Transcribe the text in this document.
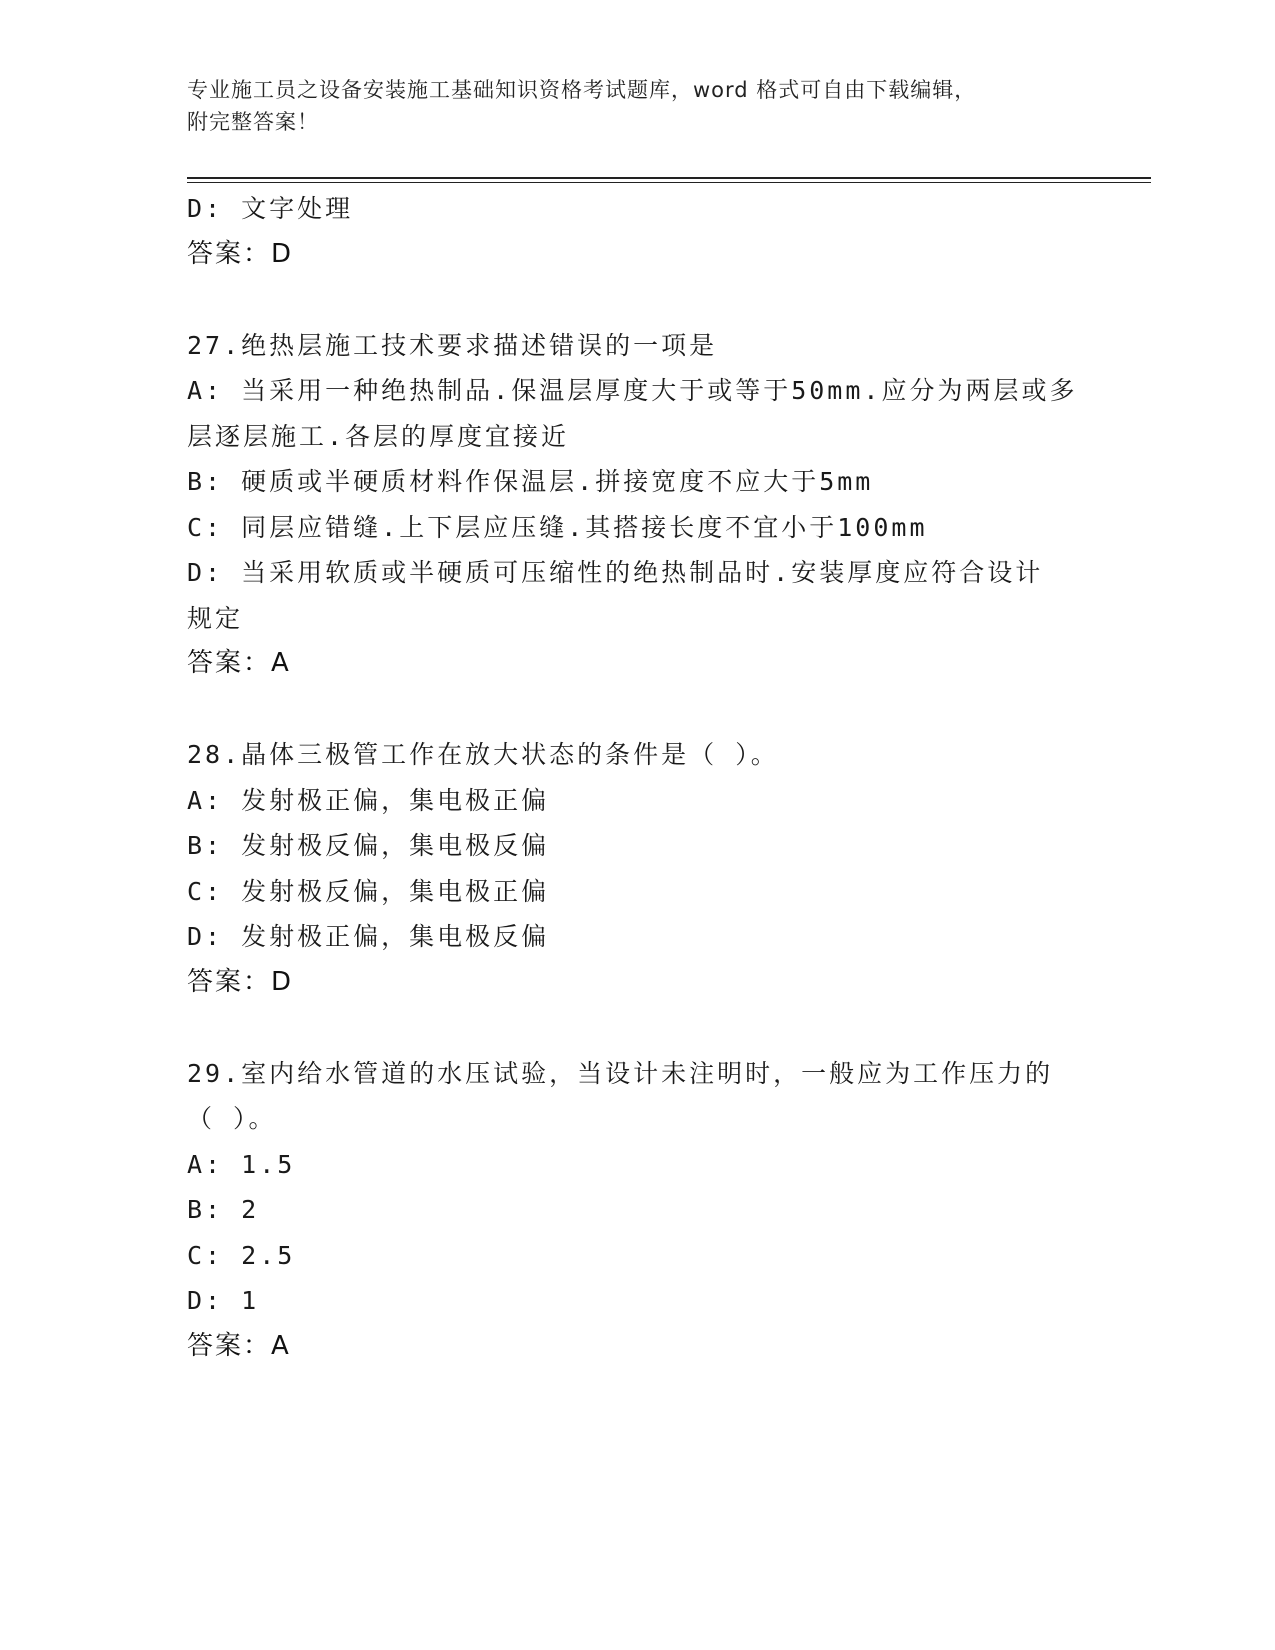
专业施工员之设备安装施工基础知识资格考试题库，word 格式可自由下载编辑，
附完整答案！
D: 文字处理
答案：D
27.绝热层施工技术要求描述错误的一项是
A: 当采用一种绝热制品.保温层厚度大于或等于50mm.应分为两层或多
层逐层施工.各层的厚度宜接近
B: 硬质或半硬质材料作保温层.拼接宽度不应大于5mm
C: 同层应错缝.上下层应压缝.其搭接长度不宜小于100mm
D: 当采用软质或半硬质可压缩性的绝热制品时.安装厚度应符合设计
规定
答案：A
28.晶体三极管工作在放大状态的条件是（ ）。
A: 发射极正偏，集电极正偏
B: 发射极反偏，集电极反偏
C: 发射极反偏，集电极正偏
D: 发射极正偏，集电极反偏
答案：D
29.室内给水管道的水压试验，当设计未注明时，一般应为工作压力的
（ ）。
A: 1.5
B: 2
C: 2.5
D: 1
答案：A
